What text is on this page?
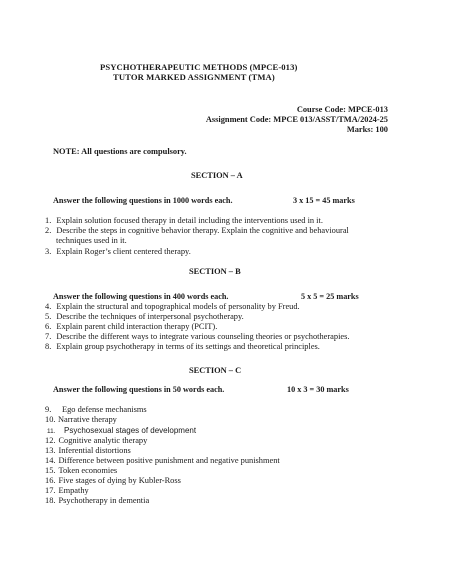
PSYCHOTHERAPEUTIC METHODS (MPCE-013)
TUTOR MARKED ASSIGNMENT (TMA)
Course Code: MPCE-013
Assignment Code: MPCE 013/ASST/TMA/2024-25
Marks: 100
NOTE: All questions are compulsory.
SECTION – A
Answer the following questions in 1000 words each.	3 x 15 = 45 marks
1. Explain solution focused therapy in detail including the interventions used in it.
2. Describe the steps in cognitive behavior therapy. Explain the cognitive and behavioural
techniques used in it.
3. Explain Roger’s client centered therapy.
SECTION – B
Answer the following questions in 400 words each.	5 x 5 = 25 marks
4. Explain the structural and topographical models of personality by Freud.
5. Describe the techniques of interpersonal psychotherapy.
6. Explain parent child interaction therapy (PCIT).
7. Describe the different ways to integrate various counseling theories or psychotherapies.
8. Explain group psychotherapy in terms of its settings and theoretical principles.
SECTION – C
Answer the following questions in 50 words each.	10 x 3 = 30 marks
9. Ego defense mechanisms
10. Narrative therapy
11. Psychosexual stages of development
12. Cognitive analytic therapy
13. Inferential distortions
14. Difference between positive punishment and negative punishment
15. Token economies
16. Five stages of dying by Kubler-Ross
17. Empathy
18. Psychotherapy in dementia
